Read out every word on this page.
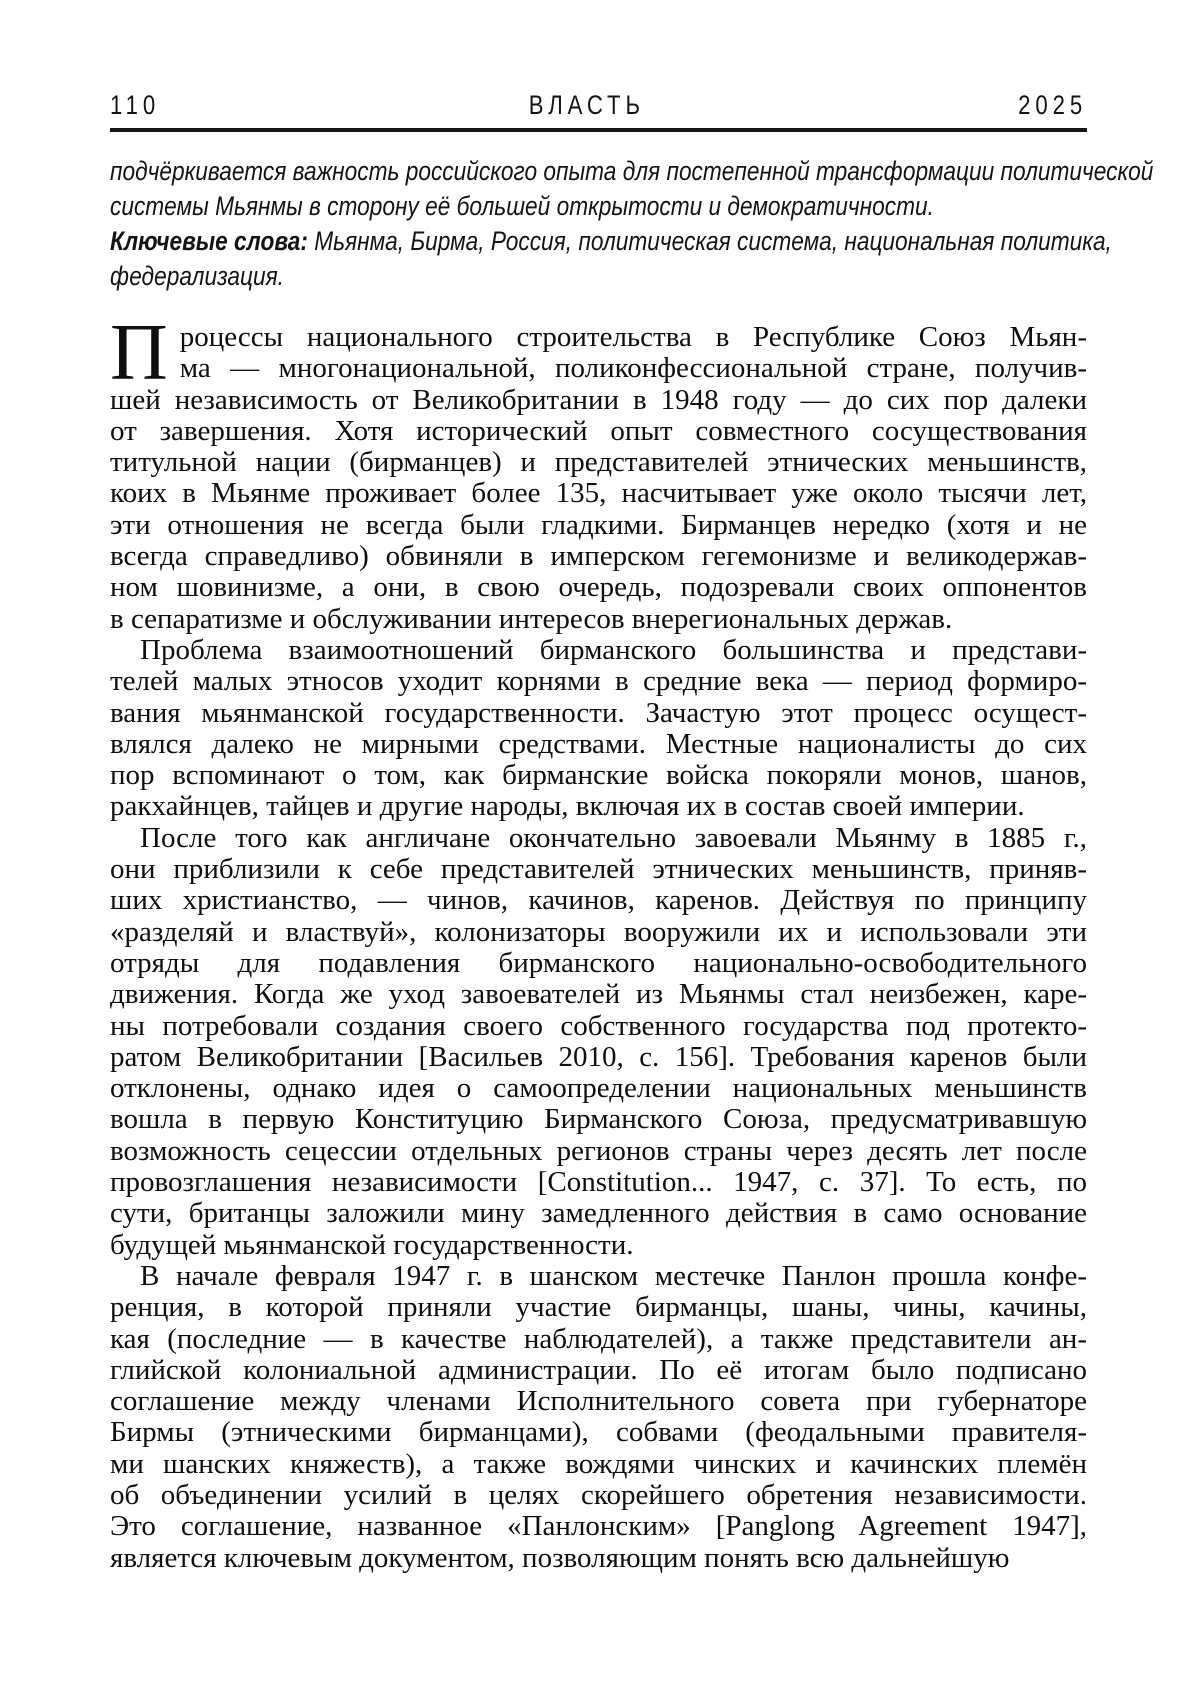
110	ВЛАСТЬ	2025
подчёркивается важность российского опыта для постепенной трансформации политической
системы Мьянмы в сторону её большей открытости и демократичности.
Ключевые слова: Мьянма, Бирма, Россия, политическая система, национальная политика,
федерализация.
П роцессы национального строительства в Республике Союз Мьян-
ма — многонациональной, поликонфессиональной стране, получив-
шей независимость от Великобритании в 1948 году — до сих пор далеки
от завершения. Хотя исторический опыт совместного сосуществования
титульной нации (бирманцев) и представителей этнических меньшинств,
коих в Мьянме проживает более 135, насчитывает уже около тысячи лет,
эти отношения не всегда были гладкими. Бирманцев нередко (хотя и не
всегда справедливо) обвиняли в имперском гегемонизме и великодержав-
ном шовинизме, а они, в свою очередь, подозревали своих оппонентов
в сепаратизме и обслуживании интересов внерегиональных держав.
Проблема взаимоотношений бирманского большинства и представи-
телей малых этносов уходит корнями в средние века — период формиро-
вания мьянманской государственности. Зачастую этот процесс осущест-
влялся далеко не мирными средствами. Местные националисты до сих
пор вспоминают о том, как бирманские войска покоряли монов, шанов,
ракхайнцев, тайцев и другие народы, включая их в состав своей империи.
После того как англичане окончательно завоевали Мьянму в 1885 г.,
они приблизили к себе представителей этнических меньшинств, приняв-
ших христианство, — чинов, качинов, каренов. Действуя по принципу
«разделяй и властвуй», колонизаторы вооружили их и использовали эти
отряды для подавления бирманского национально-освободительного
движения. Когда же уход завоевателей из Мьянмы стал неизбежен, каре-
ны потребовали создания своего собственного государства под протекто-
ратом Великобритании [Васильев 2010, с. 156]. Требования каренов были
отклонены, однако идея о самоопределении национальных меньшинств
вошла в первую Конституцию Бирманского Союза, предусматривавшую
возможность сецессии отдельных регионов страны через десять лет после
провозглашения независимости [Constitution... 1947, с. 37]. То есть, по
сути, британцы заложили мину замедленного действия в само основание
будущей мьянманской государственности.
В начале февраля 1947 г. в шанском местечке Панлон прошла конфе-
ренция, в которой приняли участие бирманцы, шаны, чины, качины,
кая (последние — в качестве наблюдателей), а также представители ан-
глийской колониальной администрации. По её итогам было подписано
соглашение между членами Исполнительного совета при губернаторе
Бирмы (этническими бирманцами), собвами (феодальными правителя-
ми шанских княжеств), а также вождями чинских и качинских племён
об объединении усилий в целях скорейшего обретения независимости.
Это соглашение, названное «Панлонским» [Panglong Agreement 1947],
является ключевым документом, позволяющим понять всю дальнейшую
